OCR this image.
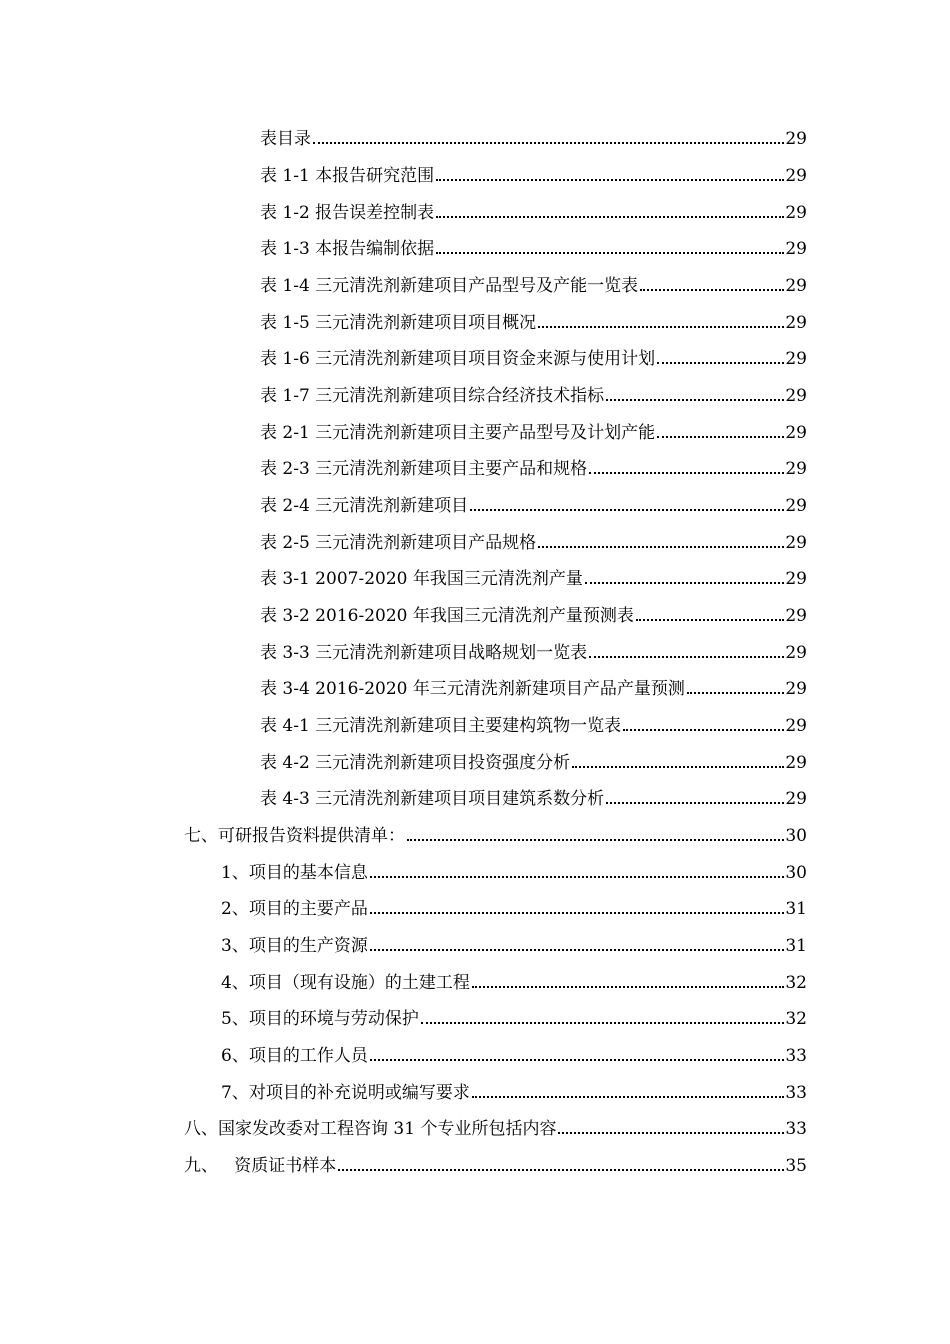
表目录	29
表 1-1 本报告研究范围	29
表 1-2 报告误差控制表	29
表 1-3 本报告编制依据	29
表 1-4 三元清洗剂新建项目产品型号及产能一览表	29
表 1-5 三元清洗剂新建项目项目概况	29
表 1-6 三元清洗剂新建项目项目资金来源与使用计划	29
表 1-7 三元清洗剂新建项目综合经济技术指标	29
表 2-1 三元清洗剂新建项目主要产品型号及计划产能	29
表 2-3 三元清洗剂新建项目主要产品和规格	29
表 2-4 三元清洗剂新建项目	29
表 2-5 三元清洗剂新建项目产品规格	29
表 3-1 2007-2020 年我国三元清洗剂产量	29
表 3-2 2016-2020 年我国三元清洗剂产量预测表	29
表 3-3 三元清洗剂新建项目战略规划一览表	29
表 3-4 2016-2020 年三元清洗剂新建项目产品产量预测	29
表 4-1 三元清洗剂新建项目主要建构筑物一览表	29
表 4-2 三元清洗剂新建项目投资强度分析	29
表 4-3 三元清洗剂新建项目项目建筑系数分析	29
七、可研报告资料提供清单：	30
1、项目的基本信息	30
2、项目的主要产品	31
3、项目的生产资源	31
4、项目（现有设施）的土建工程	32
5、项目的环境与劳动保护	32
6、项目的工作人员	33
7、对项目的补充说明或编写要求	33
八、国家发改委对工程咨询 31 个专业所包括内容	33
九、   资质证书样本	35
